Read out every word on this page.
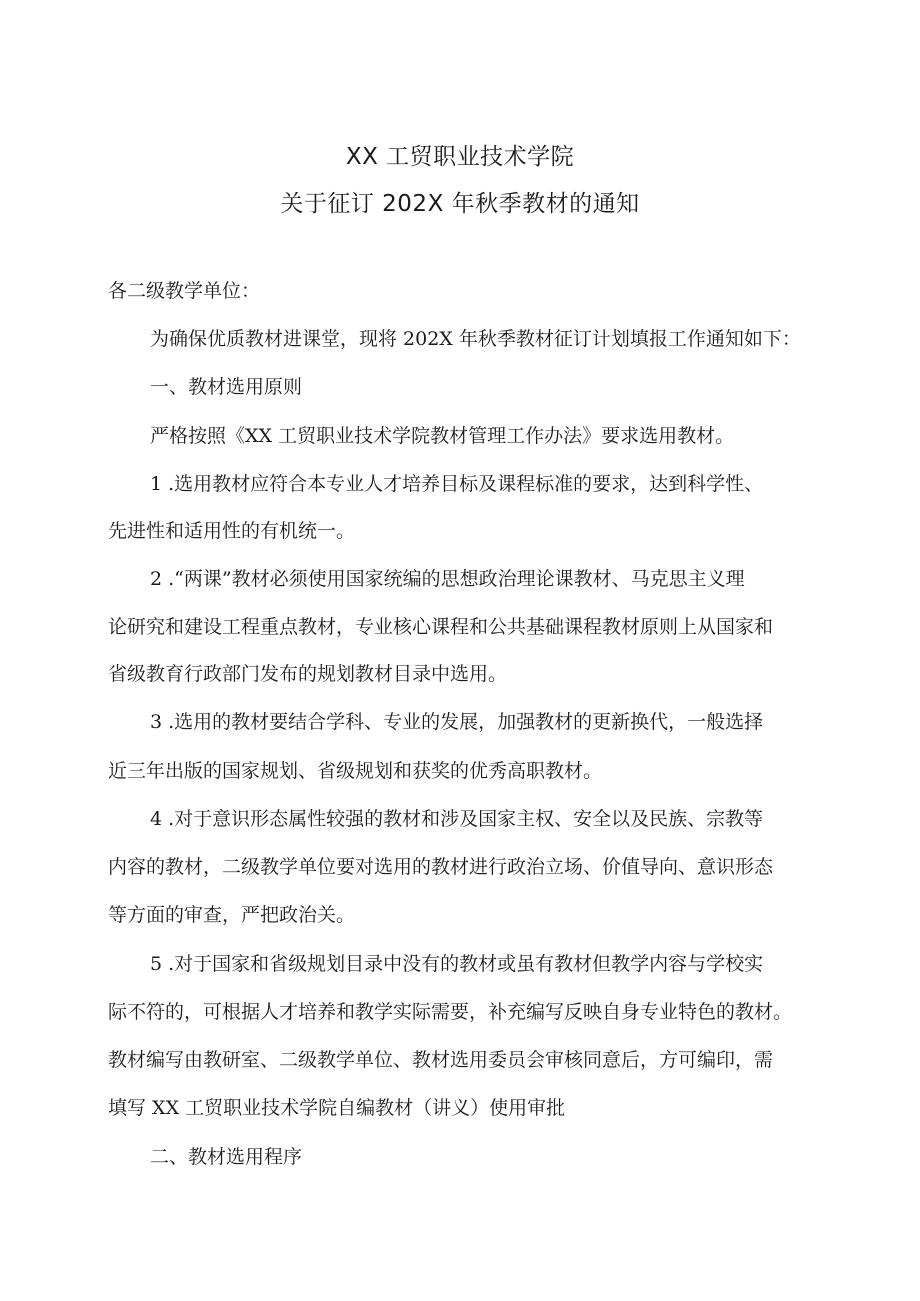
XX 工贸职业技术学院
关于征订 202X 年秋季教材的通知
各二级教学单位：
为确保优质教材进课堂，现将 202X 年秋季教材征订计划填报工作通知如下：
一、教材选用原则
严格按照《XX 工贸职业技术学院教材管理工作办法》要求选用教材。
1 .选用教材应符合本专业人才培养目标及课程标准的要求，达到科学性、
先进性和适用性的有机统一。
2 .“两课”教材必须使用国家统编的思想政治理论课教材、马克思主义理
论研究和建设工程重点教材，专业核心课程和公共基础课程教材原则上从国家和
省级教育行政部门发布的规划教材目录中选用。
3 .选用的教材要结合学科、专业的发展，加强教材的更新换代，一般选择
近三年出版的国家规划、省级规划和获奖的优秀高职教材。
4 .对于意识形态属性较强的教材和涉及国家主权、安全以及民族、宗教等
内容的教材，二级教学单位要对选用的教材进行政治立场、价值导向、意识形态
等方面的审查，严把政治关。
5 .对于国家和省级规划目录中没有的教材或虽有教材但教学内容与学校实
际不符的，可根据人才培养和教学实际需要，补充编写反映自身专业特色的教材。
教材编写由教研室、二级教学单位、教材选用委员会审核同意后，方可编印，需
填写 XX 工贸职业技术学院自编教材（讲义）使用审批
二、教材选用程序
